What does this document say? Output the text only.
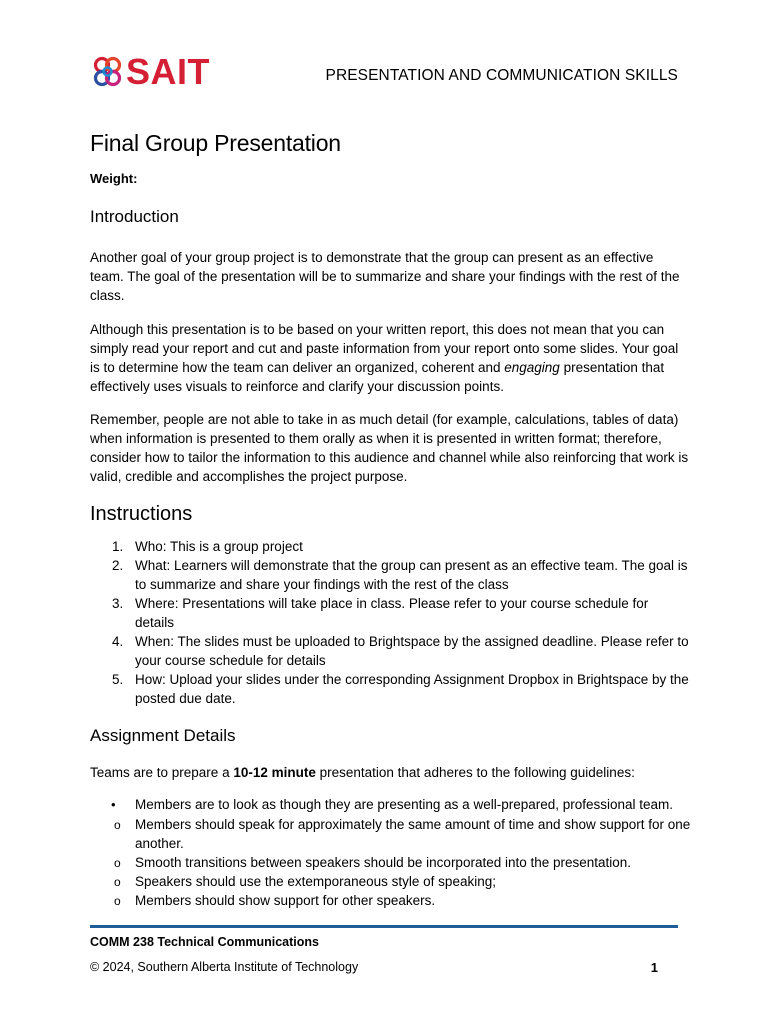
SAIT	PRESENTATION AND COMMUNICATION SKILLS
Final Group Presentation
Weight:
Introduction

Another goal of your group project is to demonstrate that the group can present as an effective team. The goal of the presentation will be to summarize and share your findings with the rest of the class.

Although this presentation is to be based on your written report, this does not mean that you can simply read your report and cut and paste information from your report onto some slides. Your goal is to determine how the team can deliver an organized, coherent and engaging presentation that effectively uses visuals to reinforce and clarify your discussion points.

Remember, people are not able to take in as much detail (for example, calculations, tables of data) when information is presented to them orally as when it is presented in written format; therefore, consider how to tailor the information to this audience and channel while also reinforcing that work is valid, credible and accomplishes the project purpose.

Instructions
1. Who: This is a group project
2. What: Learners will demonstrate that the group can present as an effective team. The goal is to summarize and share your findings with the rest of the class
3. Where: Presentations will take place in class. Please refer to your course schedule for details
4. When: The slides must be uploaded to Brightspace by the assigned deadline. Please refer to your course schedule for details
5. How: Upload your slides under the corresponding Assignment Dropbox in Brightspace by the posted due date.
Assignment Details

Teams are to prepare a 10-12 minute presentation that adheres to the following guidelines:

• Members are to look as though they are presenting as a well-prepared, professional team.
o Members should speak for approximately the same amount of time and show support for one another.
o Smooth transitions between speakers should be incorporated into the presentation.
o Speakers should use the extemporaneous style of speaking;
o Members should show support for other speakers.
COMM 238 Technical Communications
© 2024, Southern Alberta Institute of Technology	1
